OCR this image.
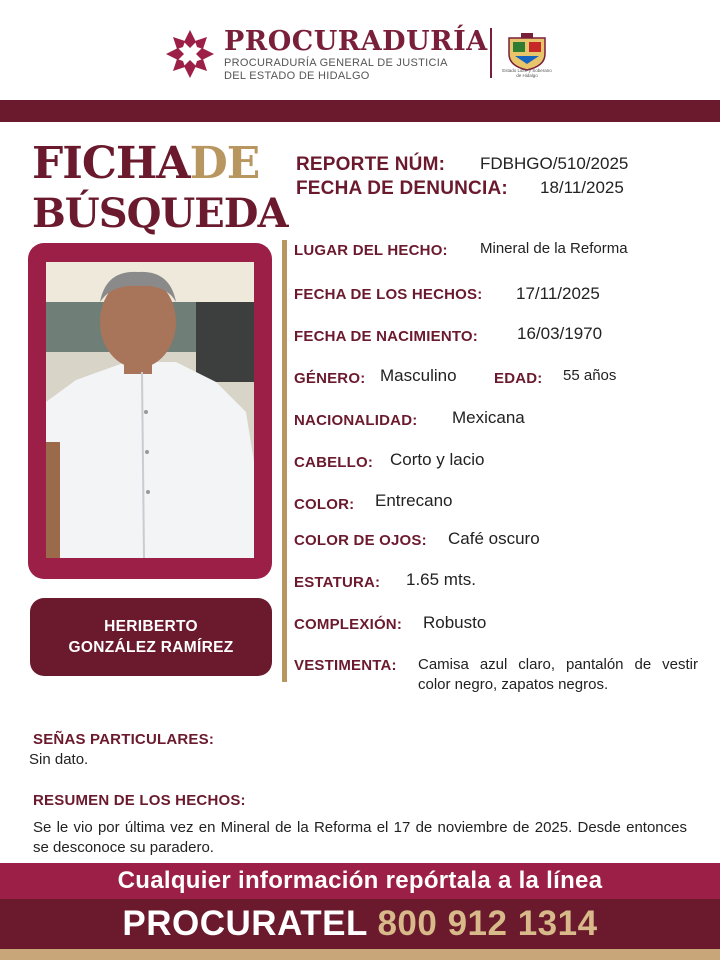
PROCURADURÍA
PROCURADURÍA GENERAL DE JUSTICIA
DEL ESTADO DE HIDALGO	Estado Libre y Soberano de Hidalgo
FICHADE
BÚSQUEDA
HERIBERTO
GONZÁLEZ RAMÍREZ
REPORTE NÚM: FDBHGO/510/2025
FECHA DE DENUNCIA: 18/11/2025
LUGAR DEL HECHO: Mineral de la Reforma
FECHA DE LOS HECHOS: 17/11/2025
FECHA DE NACIMIENTO: 16/03/1970
GÉNERO: Masculino EDAD: 55 años
NACIONALIDAD: Mexicana
CABELLO: Corto y lacio
COLOR: Entrecano
COLOR DE OJOS: Café oscuro
ESTATURA: 1.65 mts.
COMPLEXIÓN: Robusto
VESTIMENTA: Camisa azul claro, pantalón de vestir color negro, zapatos negros.
SEÑAS PARTICULARES:
Sin dato.
RESUMEN DE LOS HECHOS:
Se le vio por última vez en Mineral de la Reforma el 17 de noviembre de 2025. Desde entonces se desconoce su paradero.
Cualquier información repórtala a la línea
PROCURATEL 800 912 1314
